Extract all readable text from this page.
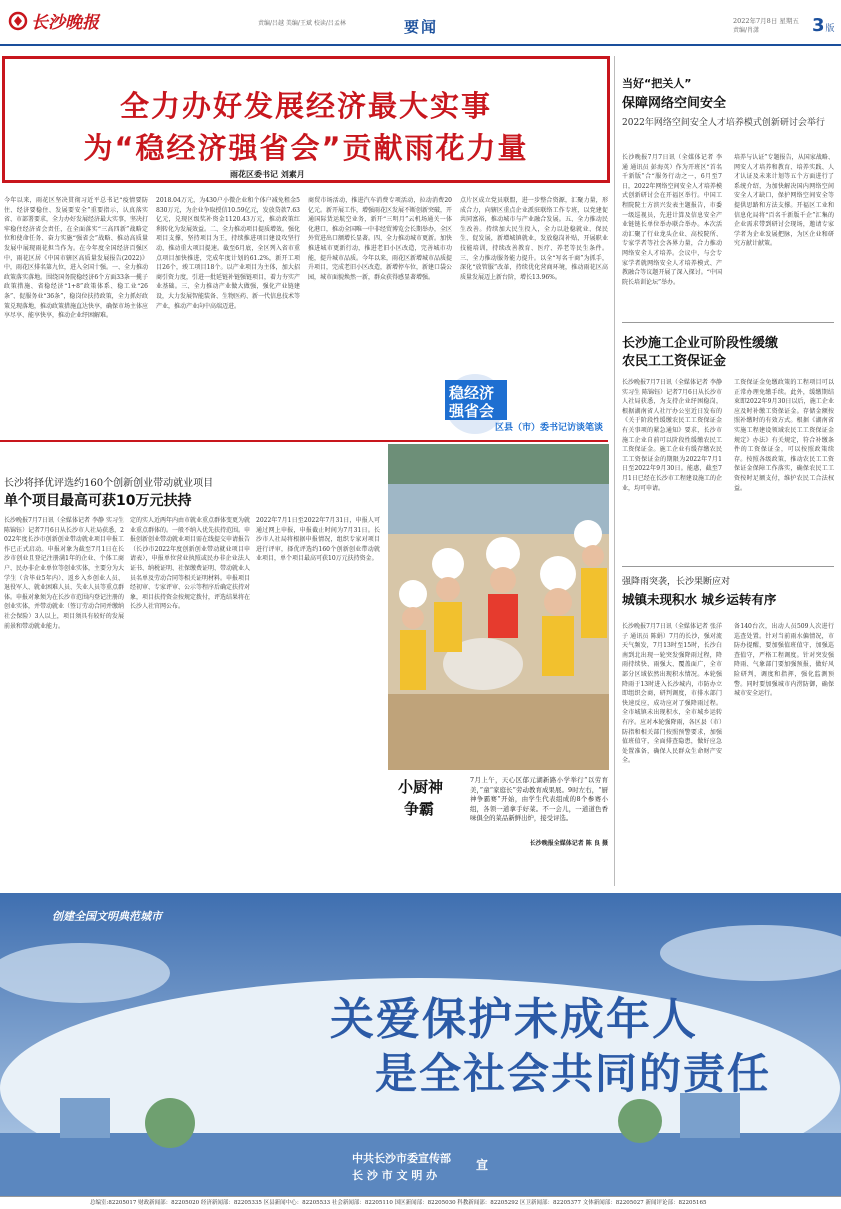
长沙晚报	责编/吕越 美编/王斌 校读/吕孟林	要闻	2022年7月8日 星期五
责编/肖潇	3 版
全力办好发展经济最大实事
为“稳经济强省会”贡献雨花力量
雨花区委书记 刘素月
今年以来，雨花区坚决贯彻习近平总书记“疫情要防住、经济要稳住、发展要安全”重要指示，认真落实省、市部署要求，全力办好发展经济最大实事，坚决打牢稳住经济省会责任，在全面落实“三高四新”战略定位和使命任务、奋力实施“强省会”战略、推动高质量发展中展现雨花担当作为。在今年度全国经济百强区中，雨花区居《中国市辖区高质量发展报告(2022)》中，雨花区排名第九位，进入全国十强。一、全力推动政策落实落地。围绕国务院稳经济6个方面33条一揽子政策措施、省稳经济“1+8”政策体系、稳工业“26条”、促服务业“36条”，稳岗位扶持政策，全力抓好政策兑现落地，推动政策措施直达快享，确保市场主体应享尽享、能享快享，推动企业纾困解难。
2018.04万元，为430户小微企业和个体户减免租金5830万元，为企业争取授信10.59亿元，发放贷款7.63亿元，兑现区级奖补资金1120.43万元，推动政策红利转化为发展效益。二、全力推动项目提质增效。强化项目支撑，坚持项目为王，持续推进项目建设攻坚行动，推动重大项目提速。截至6月底，全区列入省市重点项目加快推进，完成年度计划的61.2%，新开工项目26个，竣工项目18个。以产业项目为主体，加大招商引资力度，引进一批延链补链强链项目，着力夯实产业基础。三、全力推动产业做大做强，强化产业链建设，大力发展智能装备、生物医药、新一代信息技术等产业，推动产业向中高端迈进。
商贸市场活动，推进汽车消费专项活动，拉动消费20亿元。新开展工作，增强雨花区发展不断创新突破，开通国际货运航空业务，新开“三明月”云机场通关一体化港口，推动全国唯一中非经贸博览会长期举办，全区外贸进出口额增长显著。四、全力推动城市更新。加快推进城市更新行动，推进老旧小区改造，完善城市功能，提升城市品质。今年以来，雨花区新增城市品质提升项目，完成老旧小区改造，新增停车位，新建口袋公园，城市面貌焕然一新，群众获得感显著增强。
点片区成立党员联盟，进一步整合资源，汇聚力量，形成合力，向辖区重点企业派驻联络工作专班，以党建促共同富裕，推动城市与产业融合发展。五、全力推动民生改善。持续加大民生投入，全力以赴稳就业、保民生、促发展，新增城镇就业，发放稳岗补贴，开展职业技能培训，持续改善教育、医疗、养老等民生条件。三、全力推动服务能力提升。以全“写名千商”为抓手，深化“放管服”改革，持续优化营商环境，推动雨花区高质量发展迈上新台阶，增长13.96%。
稳经济
强省会
区县（市）委书记访谈笔谈
当好“把关人”
保障网络空间安全
2022年网络空间安全人才培养模式创新研讨会举行
长沙晚报7月7日讯（全媒体记者 李 通 通讯员 彭海英）作为开班区“首名千新版”合“服务行动之一，6月至7日，2022年网络空间安全人才培养模式创新研讨会在开福区举行。中国工程院院士方滨兴发表主题报告，市委一级巡视员，先进计算及信息安全产业链链长单位举办联合举办。本次活动汇聚了行业龙头企业、高校院所、专家学者等社会各界力量，合力推动网络安全人才培养。会议中，与会专家学者就网络安全人才培养模式、产教融合等议题开展了深入探讨。“中国院长培训论坛”举办。
培养与认证”专题报告，从国家战略、网安人才培养和教育、培养实践、人才认证及未来计划等五个方面进行了系统介绍，为加快解决国内网络空间安全人才缺口，保护网络空间安全等提供思路和方法支撑。开福区工业和信息化局将“百名千新版千企”汇集的企业需求带到研讨会现场，邀请专家学者为企业发展把脉，为区企业和研究方献计献策。
长沙施工企业可阶段性缓缴
农民工工资保证金
长沙晚报7月7日讯（全媒体记者 李静 实习生 陈锦钰）记者7月6日从长沙市人社局获悉，为支持企业纾困稳岗，根据湖南省人社厅办公室近日发布的《关于阶段性缓缴农民工工资保证金有关事项的紧急通知》要求，长沙市施工企业自前可以阶段性缓缴农民工工资保证金。施工企业有缓存缴农民工工资保证金的期限为2022年7月1日至2022年9月30日。能惠，截至7月1日已经在长沙市工程建设施工的企业，均可申请。
工资保证金免缴政策的工程项目可以正常办理免缴手续。此外，缓缴期结束即2022年9月30日以后，施工企业应及时补缴工资保证金。存储金额按照补缴时的有效方式。根据《湖南省实施工程建设领域农民工工资保证金规定》办法》有关规定，符合补缴条件的工资保证金，可以按照政策续存。按照各级政策，推动农民工工资保证金保障工作落实，确保农民工工资按时足额支付，维护农民工合法权益。
强降雨突袭，长沙果断应对
城镇未现积水 城乡运转有序
长沙晚报7月7日讯（全媒体记者 张洋子 通讯员 陈娟）7月的长沙，强对流天气频发，7月13时至15时，长沙白南到北出现一轮突发强降雨过程，降雨持续快、雨强大、覆盖面广，全市部分区域依然出现积水情况。本轮强降雨于13时进入长沙城内，市防办立即组织会商，研判调度，市排水部门快速反应，成功应对了强降雨过程。全市城镇未出现积水，全市城乡运转有序。应对本轮强降雨，各区县（市）防指和相关部门按照预警要求，加强值班值守，全面排查隐患，做好应急处置准备，确保人民群众生命财产安全。
备140台次，出动人员509人次进行巡查处置。针对当前雨水偏情况，市防办提醒，要加强值班值守，加强巡查值守，严格工程调度。针对突发强降雨、气象部门要加强预报，做好风险研判，调度和指挥，强化监测预警。同时要加强城市内涝防御，确保城市安全运行。
长沙将择优评选约160个创新创业带动就业项目
单个项目最高可获10万元扶持
长沙晚报7月7日讯（全媒体记者 李静 实习生 陈锦钰）记者7月6日从长沙市人社局获悉，2022年度长沙市创新创业带动就业项目申报工作已正式启动。申报对象为截至7月1日在长沙市创业且登记注册满1年的企业、个体工商户、民办非企业单位等创业实体，主要分为大学生（含毕业5年内）、返乡入乡创业人员、退役军人、就业困难人员、失业人员等重点群体。申报对象须为在长沙市范围内登记注册的创业实体，并带动就业（签订劳动合同并缴纳社会保险）3人以上，项目须具有较好的发展前景和带动就业能力。
定的实人近两年内由市就业重点群体变更为就业重点群体的。一般不纳入优先扶持范围。申报创新创业带动就业项目需在线提交申请报告（长沙市2022年度创新创业带动就业项目申请表），申报单位营业执照或民办非企业法人证书、纳税证明、社保缴费证明、带动就业人员名单及劳动合同等相关证明材料。申报项目经初审、专家评审、公示等程序后确定扶持对象，项目扶持资金按规定拨付，评选结果将在长沙人社官网公布。
2022年7月1日至2022年7月31日，申报人可通过网上申报，申报截止时间为7月31日。长沙市人社局将根据申报情况，组织专家对项目进行评审，择优评选约160个创新创业带动就业项目，单个项目最高可获10万元扶持资金。
小厨神
争霸
7月上午，天心区郁元湖新路小学举行“以劳育美，”童“家庭长”劳动教育成果展。9时左右，“厨神争霸赛”开始，由学生代表组成的8个参赛小组，各领一道拿手好菜。不一会儿，一道道色香味俱全的菜品新鲜出炉，接受评选。
长沙晚报全媒体记者 陈 良 摄
创建全国文明典范城市
关爱保护未成年人
是全社会共同的责任
中共长沙市委宣传部
长 沙 市 文 明 办
宣
总编室:82205017 财政新闻部：82205020 经济新闻部：82205335 区县新闻中心：82205533 社会新闻部：82205110 国区新闻部：82205030 科教新闻部：82205292 区卫新闻部：82205377 文体新闻部：82205027 新闻评论部：82205165
